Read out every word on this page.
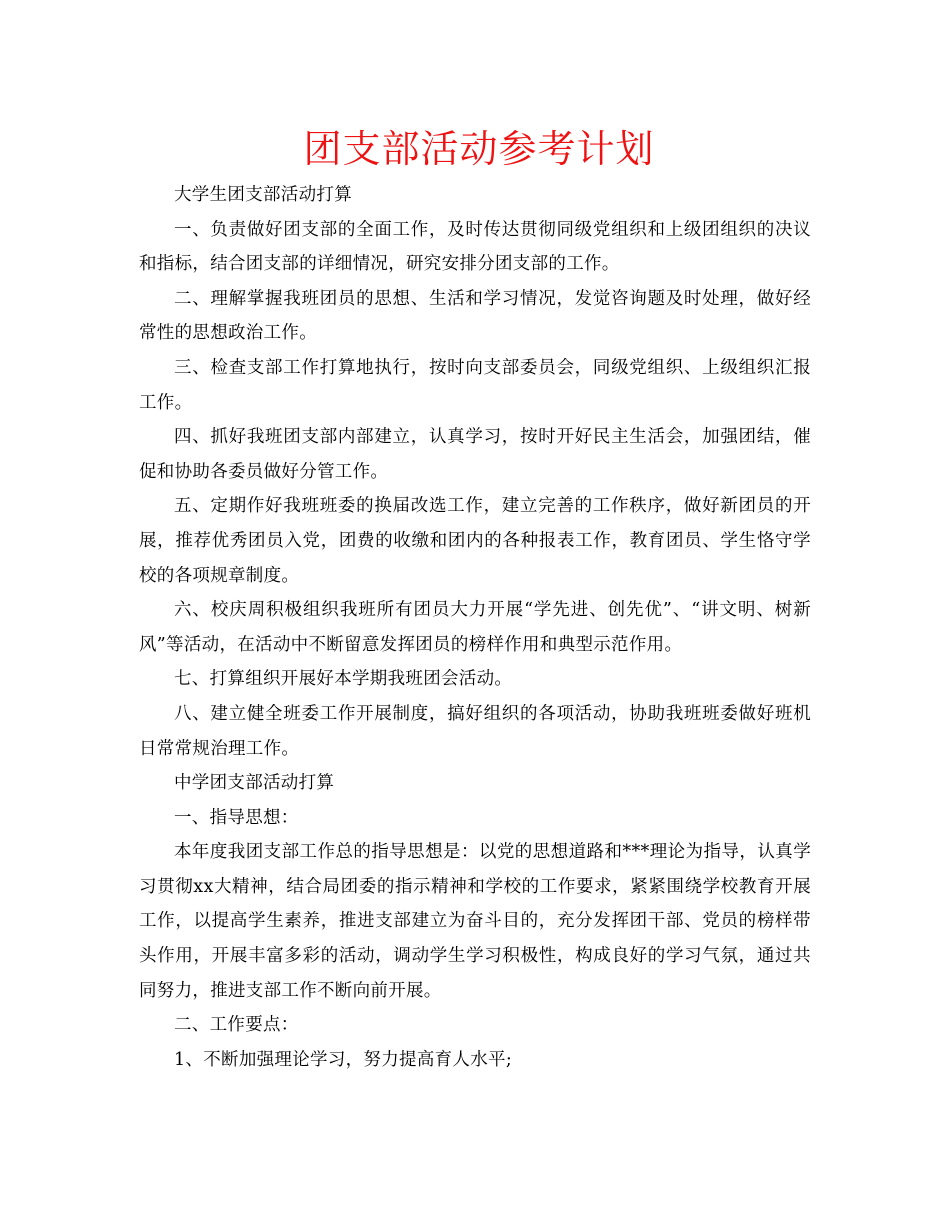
团支部活动参考计划

大学生团支部活动打算

一、负责做好团支部的全面工作，及时传达贯彻同级党组织和上级团组织的决议和指标，结合团支部的详细情况，研究安排分团支部的工作。

二、理解掌握我班团员的思想、生活和学习情况，发觉咨询题及时处理，做好经常性的思想政治工作。

三、检查支部工作打算地执行，按时向支部委员会，同级党组织、上级组织汇报工作。

四、抓好我班团支部内部建立，认真学习，按时开好民主生活会，加强团结，催促和协助各委员做好分管工作。

五、定期作好我班班委的换届改选工作，建立完善的工作秩序，做好新团员的开展，推荐优秀团员入党，团费的收缴和团内的各种报表工作，教育团员、学生恪守学校的各项规章制度。

六、校庆周积极组织我班所有团员大力开展“学先进、创先优”、“讲文明、树新风”等活动，在活动中不断留意发挥团员的榜样作用和典型示范作用。

七、打算组织开展好本学期我班团会活动。

八、建立健全班委工作开展制度，搞好组织的各项活动，协助我班班委做好班机日常常规治理工作。

中学团支部活动打算

一、指导思想：

本年度我团支部工作总的指导思想是：以党的思想道路和***理论为指导，认真学习贯彻xx大精神，结合局团委的指示精神和学校的工作要求，紧紧围绕学校教育开展工作，以提高学生素养，推进支部建立为奋斗目的，充分发挥团干部、党员的榜样带头作用，开展丰富多彩的活动，调动学生学习积极性，构成良好的学习气氛，通过共同努力，推进支部工作不断向前开展。

二、工作要点：

1、不断加强理论学习，努力提高育人水平;
